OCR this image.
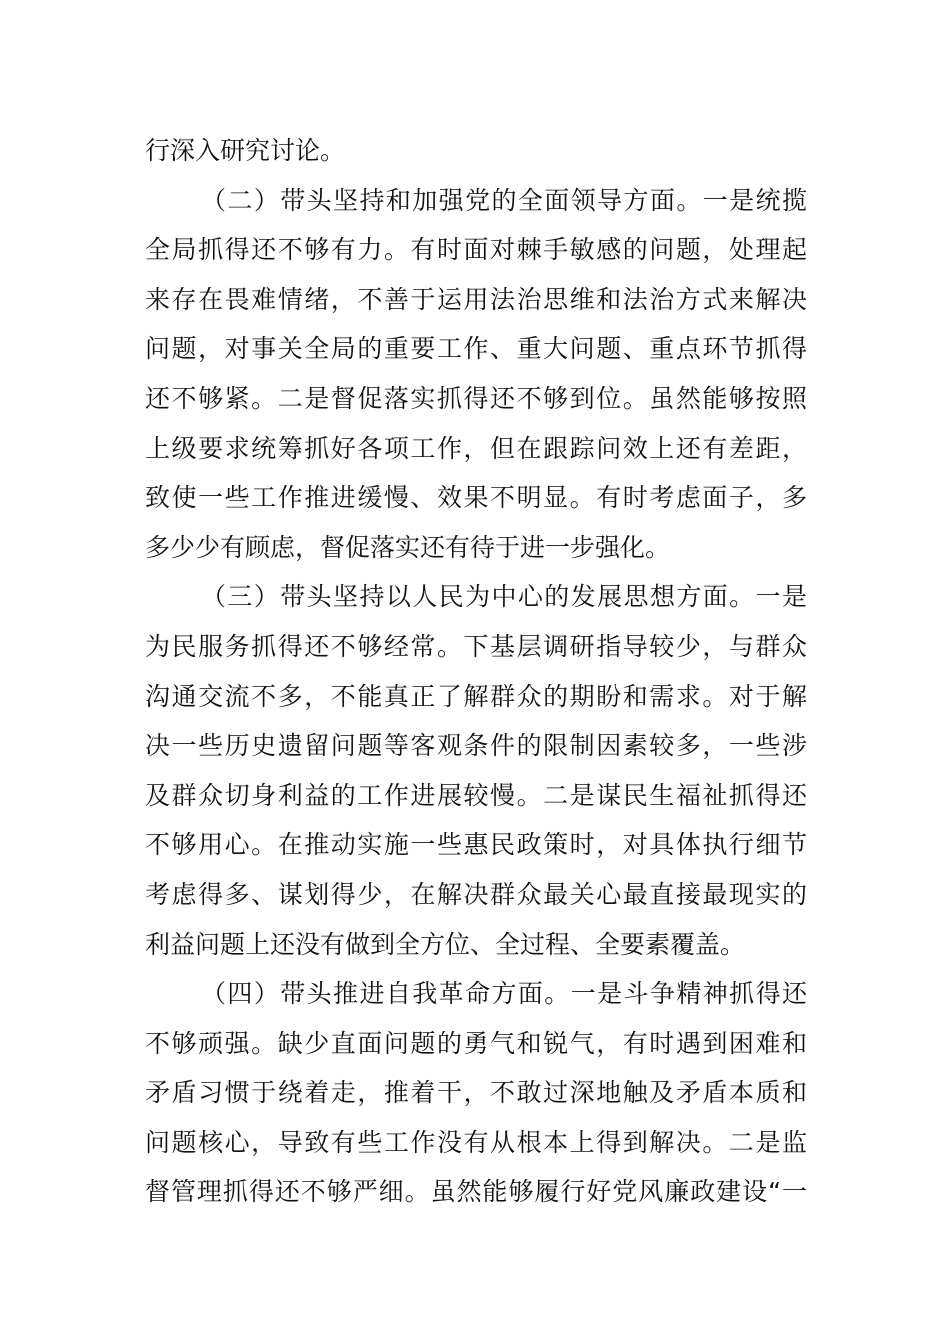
行深入研究讨论。
（二）带头坚持和加强党的全面领导方面。一是统揽
全局抓得还不够有力。有时面对棘手敏感的问题，处理起
来存在畏难情绪，不善于运用法治思维和法治方式来解决
问题，对事关全局的重要工作、重大问题、重点环节抓得
还不够紧。二是督促落实抓得还不够到位。虽然能够按照
上级要求统筹抓好各项工作，但在跟踪问效上还有差距，
致使一些工作推进缓慢、效果不明显。有时考虑面子，多
多少少有顾虑，督促落实还有待于进一步强化。
（三）带头坚持以人民为中心的发展思想方面。一是
为民服务抓得还不够经常。下基层调研指导较少，与群众
沟通交流不多，不能真正了解群众的期盼和需求。对于解
决一些历史遗留问题等客观条件的限制因素较多，一些涉
及群众切身利益的工作进展较慢。二是谋民生福祉抓得还
不够用心。在推动实施一些惠民政策时，对具体执行细节
考虑得多、谋划得少，在解决群众最关心最直接最现实的
利益问题上还没有做到全方位、全过程、全要素覆盖。
（四）带头推进自我革命方面。一是斗争精神抓得还
不够顽强。缺少直面问题的勇气和锐气，有时遇到困难和
矛盾习惯于绕着走，推着干，不敢过深地触及矛盾本质和
问题核心，导致有些工作没有从根本上得到解决。二是监
督管理抓得还不够严细。虽然能够履行好党风廉政建设“一
